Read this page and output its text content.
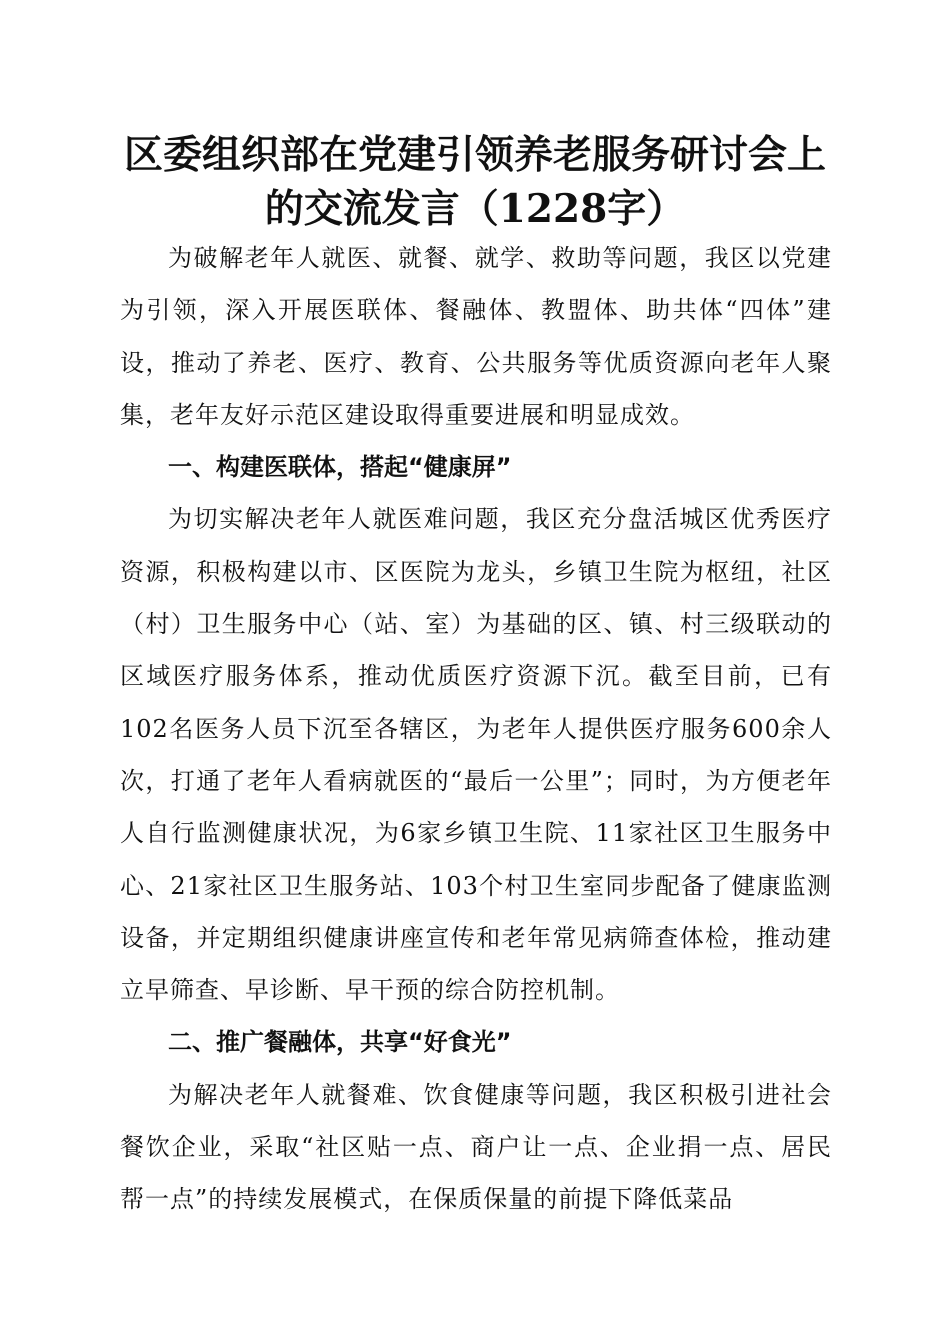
区委组织部在党建引领养老服务研讨会上的交流发言（1228字）

为破解老年人就医、就餐、就学、救助等问题，我区以党建为引领，深入开展医联体、餐融体、教盟体、助共体“四体”建设，推动了养老、医疗、教育、公共服务等优质资源向老年人聚集，老年友好示范区建设取得重要进展和明显成效。

一、构建医联体，搭起“健康屏”

为切实解决老年人就医难问题，我区充分盘活城区优秀医疗资源，积极构建以市、区医院为龙头，乡镇卫生院为枢纽，社区（村）卫生服务中心（站、室）为基础的区、镇、村三级联动的区域医疗服务体系，推动优质医疗资源下沉。截至目前，已有102名医务人员下沉至各辖区，为老年人提供医疗服务600余人次，打通了老年人看病就医的“最后一公里”；同时，为方便老年人自行监测健康状况，为6家乡镇卫生院、11家社区卫生服务中心、21家社区卫生服务站、103个村卫生室同步配备了健康监测设备，并定期组织健康讲座宣传和老年常见病筛查体检，推动建立早筛查、早诊断、早干预的综合防控机制。

二、推广餐融体，共享“好食光”

为解决老年人就餐难、饮食健康等问题，我区积极引进社会餐饮企业，采取“社区贴一点、商户让一点、企业捐一点、居民帮一点”的持续发展模式，在保质保量的前提下降低菜品
